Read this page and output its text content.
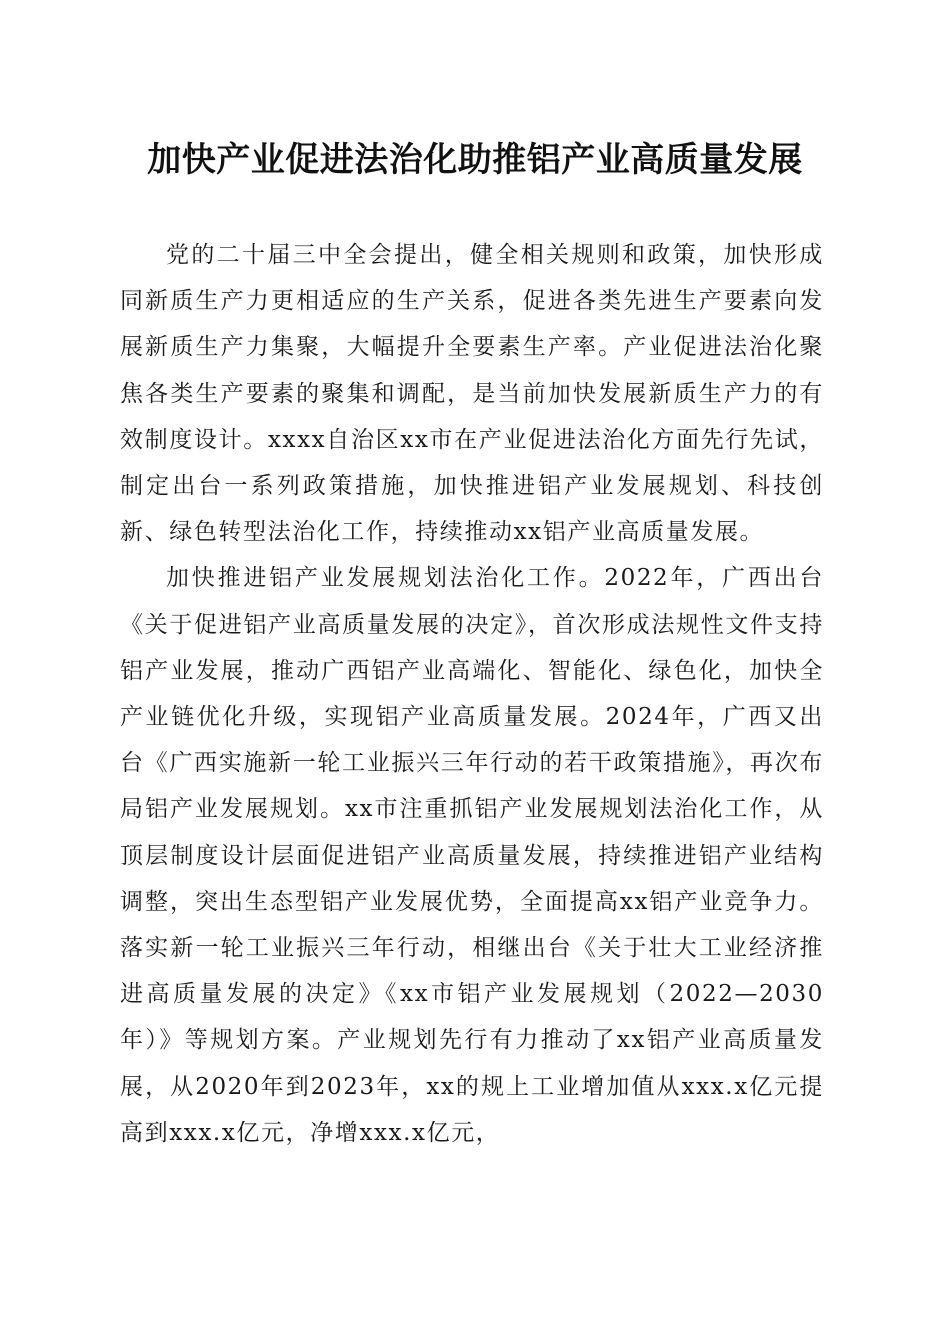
加快产业促进法治化助推铝产业高质量发展

党的二十届三中全会提出，健全相关规则和政策，加快形成同新质生产力更相适应的生产关系，促进各类先进生产要素向发展新质生产力集聚，大幅提升全要素生产率。产业促进法治化聚焦各类生产要素的聚集和调配，是当前加快发展新质生产力的有效制度设计。xxxx自治区xx市在产业促进法治化方面先行先试，制定出台一系列政策措施，加快推进铝产业发展规划、科技创新、绿色转型法治化工作，持续推动xx铝产业高质量发展。

加快推进铝产业发展规划法治化工作。2022年，广西出台《关于促进铝产业高质量发展的决定》，首次形成法规性文件支持铝产业发展，推动广西铝产业高端化、智能化、绿色化，加快全产业链优化升级，实现铝产业高质量发展。2024年，广西又出台《广西实施新一轮工业振兴三年行动的若干政策措施》，再次布局铝产业发展规划。xx市注重抓铝产业发展规划法治化工作，从顶层制度设计层面促进铝产业高质量发展，持续推进铝产业结构调整，突出生态型铝产业发展优势，全面提高xx铝产业竞争力。落实新一轮工业振兴三年行动，相继出台《关于壮大工业经济推进高质量发展的决定》《xx市铝产业发展规划（2022—2030年）》等规划方案。产业规划先行有力推动了xx铝产业高质量发展，从2020年到2023年，xx的规上工业增加值从xxx.x亿元提高到xxx.x亿元，净增xxx.x亿元，
